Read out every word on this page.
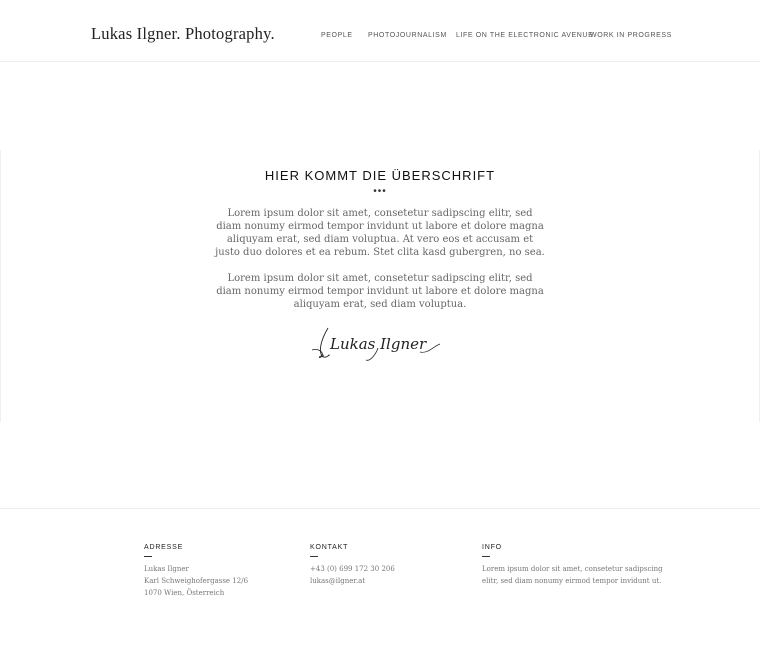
Lukas Ilgner. Photography.	PEOPLE PHOTOJOURNALISM LIFE ON THE ELECTRONIC AVENUE
WORK IN PROGRESS
HIER KOMMT DIE ÜBERSCHRIFT
•••
Lorem ipsum dolor sit amet, consetetur sadipscing elitr, sed diam nonumy eirmod tempor invidunt ut labore et dolore magna aliquyam erat, sed diam voluptua. At vero eos et accusam et justo duo dolores et ea rebum. Stet clita kasd gubergren, no sea.
Lorem ipsum dolor sit amet, consetetur sadipscing elitr, sed diam nonumy eirmod tempor invidunt ut labore et dolore magna aliquyam erat, sed diam voluptua.
Lukas Ilgner
ADRESSE
Lukas Ilgner
Karl Schweighofergasse 12/6
1070 Wien, Österreich
KONTAKT
+43 (0) 699 172 30 206
lukas@ilgner.at
INFO
Lorem ipsum dolor sit amet, consetetur sadipscing
elitr, sed diam nonumy eirmod tempor invidunt ut.
